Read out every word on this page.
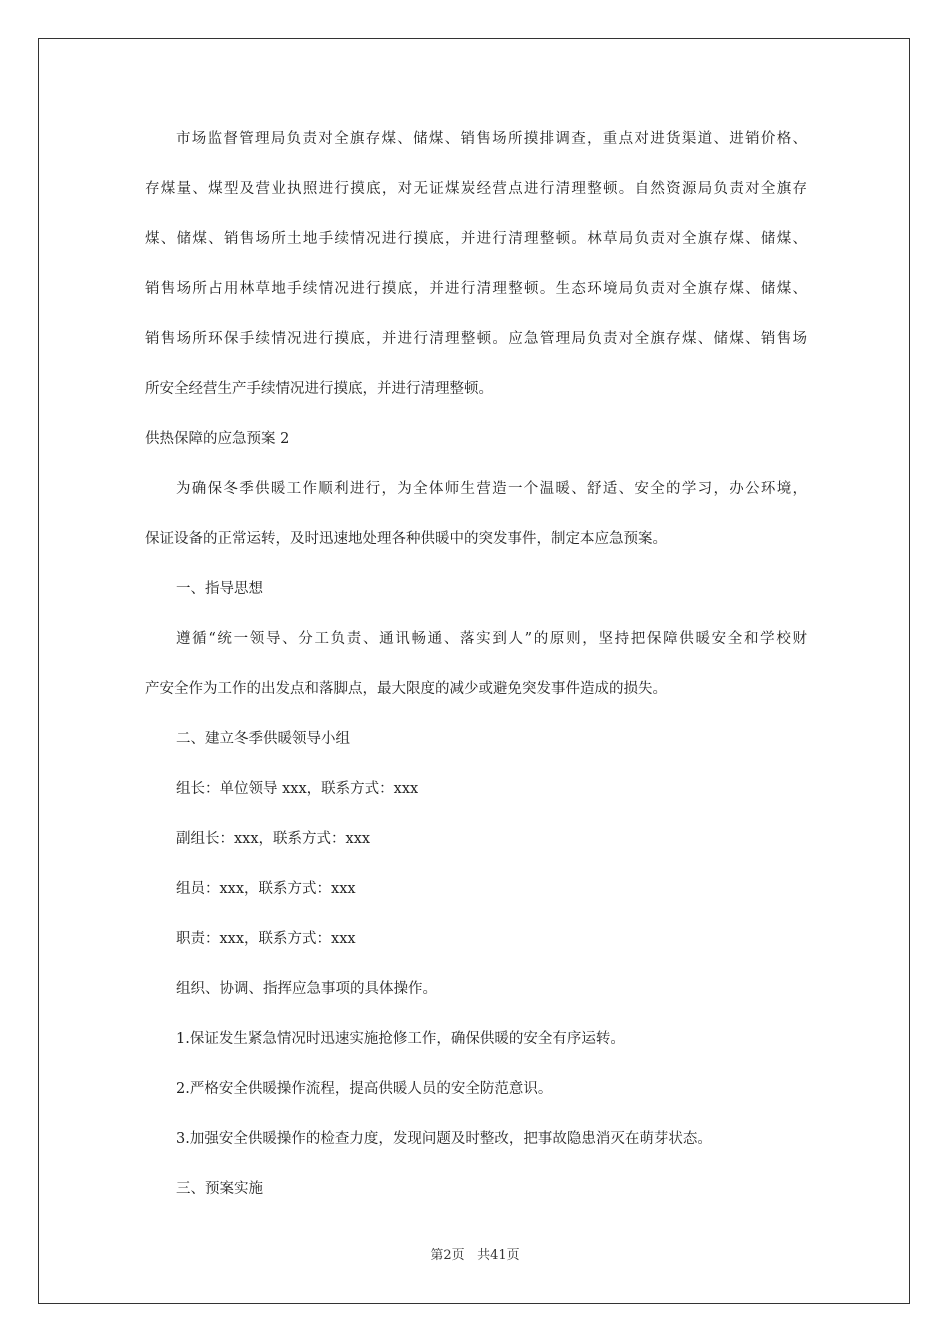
市场监督管理局负责对全旗存煤、储煤、销售场所摸排调查，重点对进货渠道、进销价格、
存煤量、煤型及营业执照进行摸底，对无证煤炭经营点进行清理整顿。自然资源局负责对全旗存
煤、储煤、销售场所土地手续情况进行摸底，并进行清理整顿。林草局负责对全旗存煤、储煤、
销售场所占用林草地手续情况进行摸底，并进行清理整顿。生态环境局负责对全旗存煤、储煤、
销售场所环保手续情况进行摸底，并进行清理整顿。应急管理局负责对全旗存煤、储煤、销售场
所安全经营生产手续情况进行摸底，并进行清理整顿。
供热保障的应急预案 2
为确保冬季供暖工作顺利进行，为全体师生营造一个温暖、舒适、安全的学习，办公环境，
保证设备的正常运转，及时迅速地处理各种供暖中的突发事件，制定本应急预案。
一、指导思想
遵循“统一领导、分工负责、通讯畅通、落实到人”的原则，坚持把保障供暖安全和学校财
产安全作为工作的出发点和落脚点，最大限度的减少或避免突发事件造成的损失。
二、建立冬季供暖领导小组
组长：单位领导 xxx，联系方式：xxx
副组长：xxx，联系方式：xxx
组员：xxx，联系方式：xxx
职责：xxx，联系方式：xxx
组织、协调、指挥应急事项的具体操作。
1.保证发生紧急情况时迅速实施抢修工作，确保供暖的安全有序运转。
2.严格安全供暖操作流程，提高供暖人员的安全防范意识。
3.加强安全供暖操作的检查力度，发现问题及时整改，把事故隐患消灭在萌芽状态。
三、预案实施
第2页 共41页
